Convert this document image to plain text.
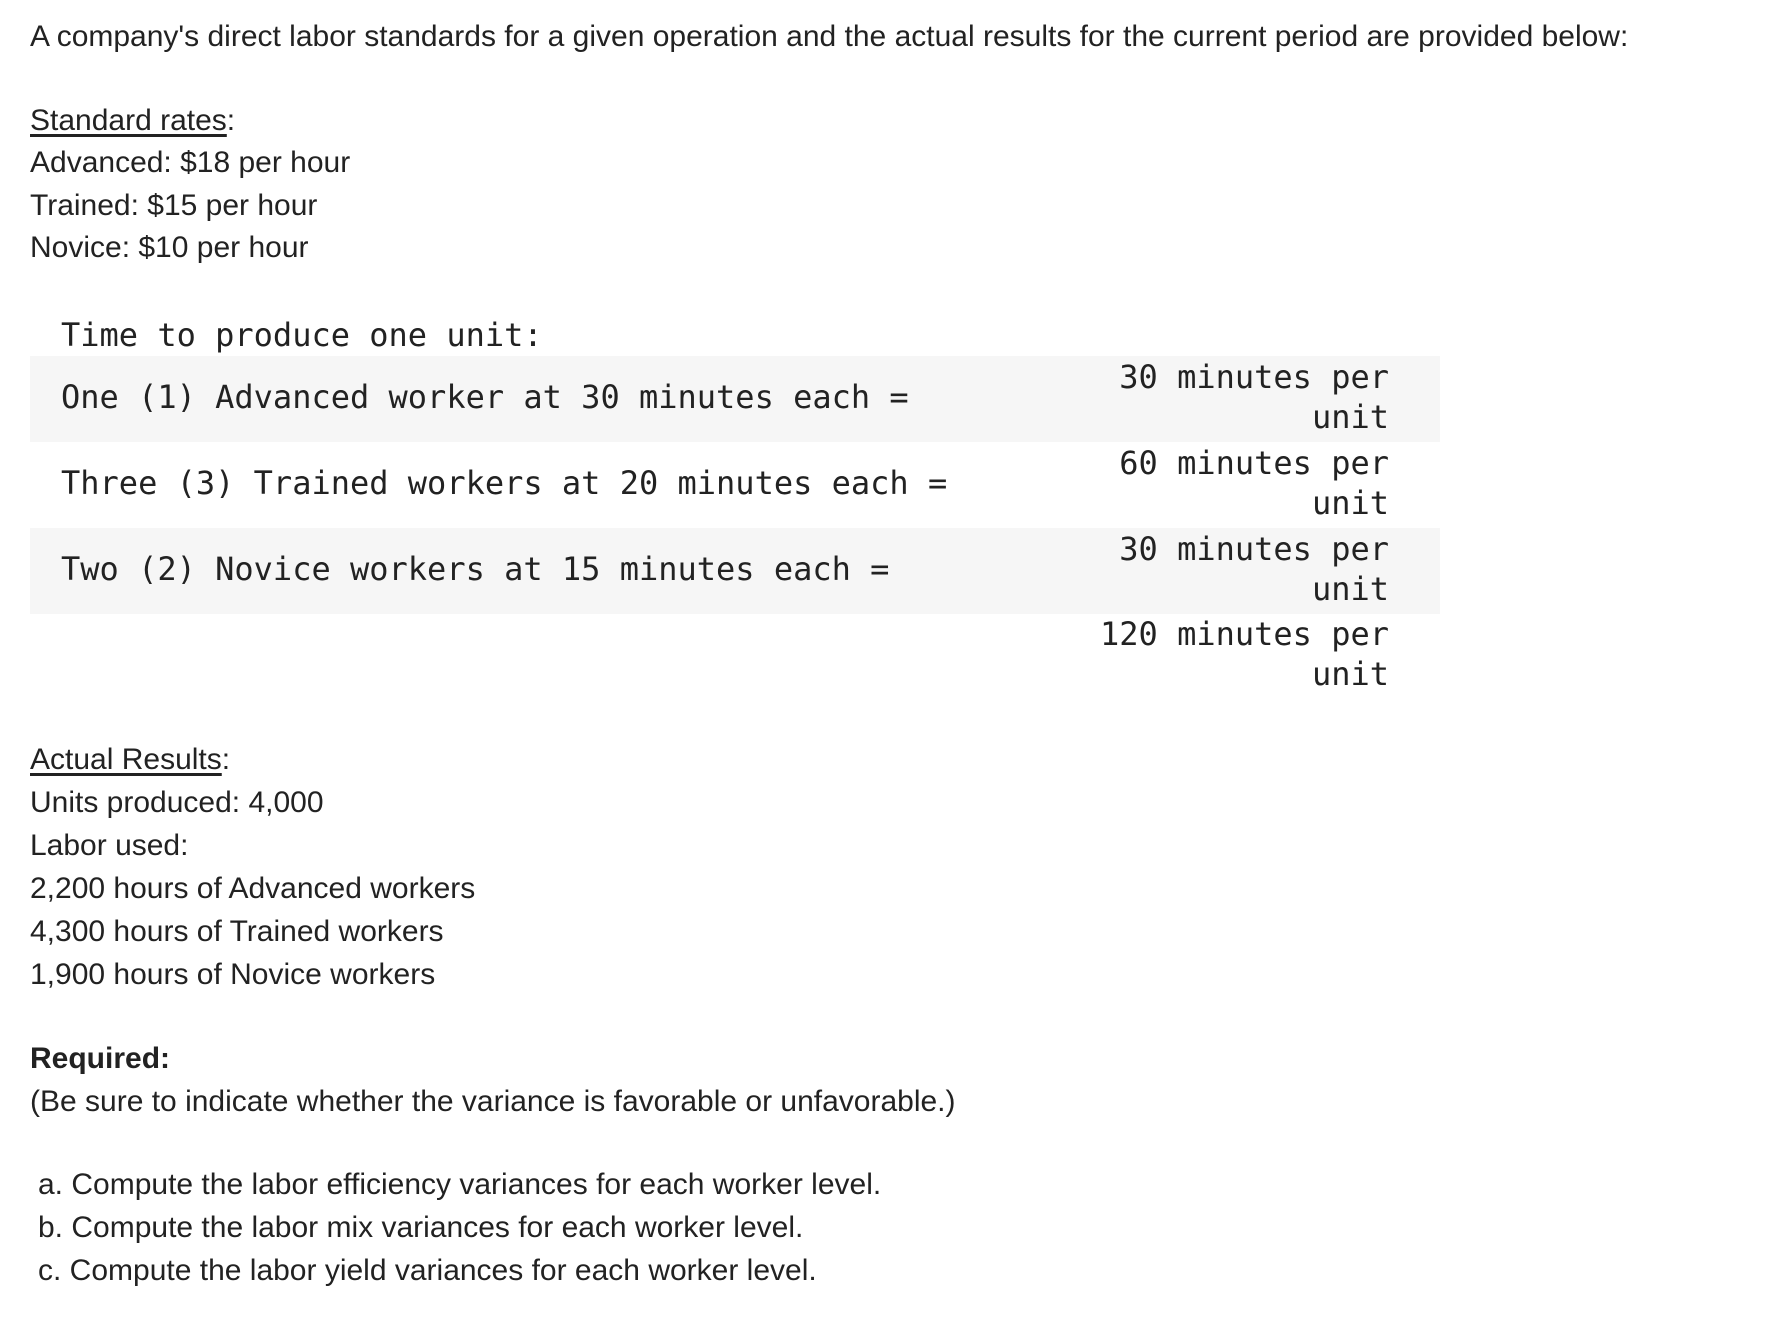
A company's direct labor standards for a given operation and the actual results for the current period are provided below:
Standard rates:
Advanced: $18 per hour
Trained: $15 per hour
Novice: $10 per hour
Time to produce one unit:
One (1) Advanced worker at 30 minutes each =
30 minutes per unit
Three (3) Trained workers at 20 minutes each =
60 minutes per unit
Two (2) Novice workers at 15 minutes each =
30 minutes per unit
120 minutes per unit
Actual Results:
Units produced: 4,000
Labor used:
2,200 hours of Advanced workers
4,300 hours of Trained workers
1,900 hours of Novice workers
Required:
(Be sure to indicate whether the variance is favorable or unfavorable.)
a. Compute the labor efficiency variances for each worker level.
b. Compute the labor mix variances for each worker level.
c. Compute the labor yield variances for each worker level.
